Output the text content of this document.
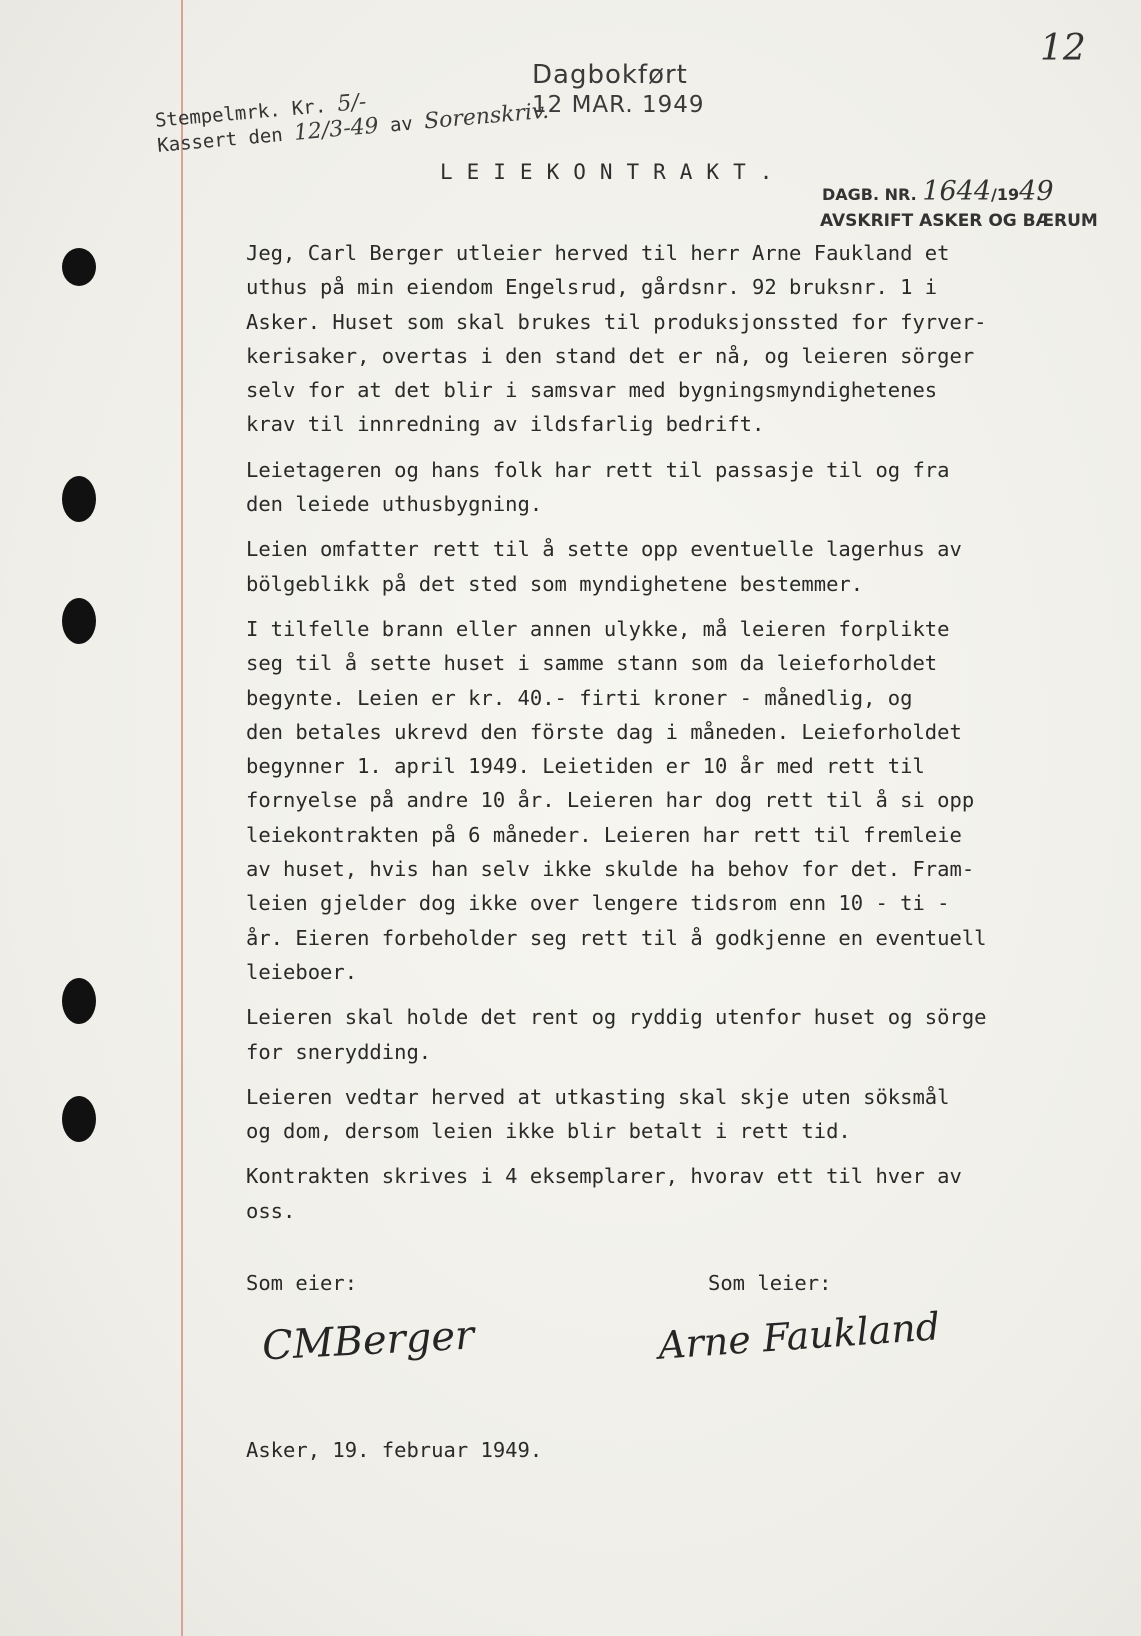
12
Dagbokført
12 MAR. 1949
Stempelmrk. Kr. 5/-
Kassert den 12/3-49 av Sorenskriv.
LEIEKONTRAKT.
DAGB. NR. 1644/1949
AVSKRIFT ASKER OG BÆRUM
Jeg, Carl Berger utleier herved til herr Arne Faukland et
uthus på min eiendom Engelsrud, gårdsnr. 92 bruksnr. 1 i
Asker. Huset som skal brukes til produksjonssted for fyrver-
kerisaker, overtas i den stand det er nå, og leieren sörger
selv for at det blir i samsvar med bygningsmyndighetenes
krav til innredning av ildsfarlig bedrift.
Leietageren og hans folk har rett til passasje til og fra
den leiede uthusbygning.
Leien omfatter rett til å sette opp eventuelle lagerhus av
bölgeblikk på det sted som myndighetene bestemmer.
I tilfelle brann eller annen ulykke, må leieren forplikte
seg til å sette huset i samme stann som da leieforholdet
begynte. Leien er kr. 40.- firti kroner - månedlig, og
den betales ukrevd den förste dag i måneden. Leieforholdet
begynner 1. april 1949. Leietiden er 10 år med rett til
fornyelse på andre 10 år. Leieren har dog rett til å si opp
leiekontrakten på 6 måneder. Leieren har rett til fremleie
av huset, hvis han selv ikke skulde ha behov for det. Fram-
leien gjelder dog ikke over lengere tidsrom enn 10 - ti -
år. Eieren forbeholder seg rett til å godkjenne en eventuell
leieboer.
Leieren skal holde det rent og ryddig utenfor huset og sörge
for snerydding.
Leieren vedtar herved at utkasting skal skje uten söksmål
og dom, dersom leien ikke blir betalt i rett tid.
Kontrakten skrives i 4 eksemplarer, hvorav ett til hver av
oss.
Som eier:	Som leier:
CMBerger	Arne Faukland
Asker, 19. februar 1949.
